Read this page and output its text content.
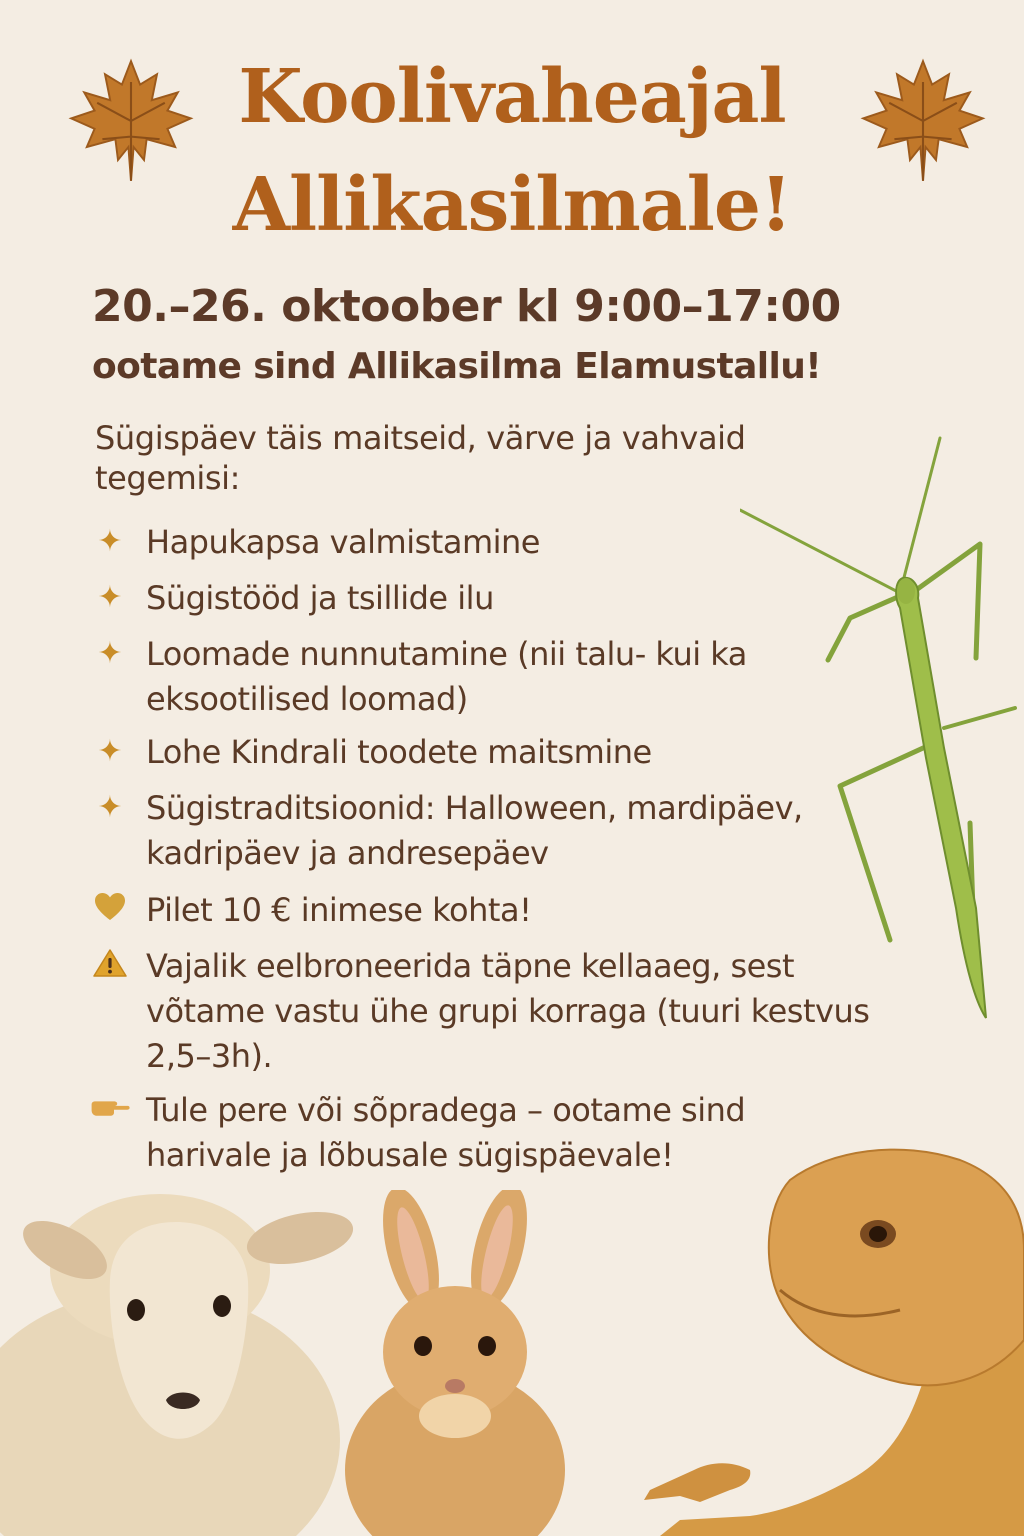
Koolivaheajal
Allikasilmale!
20.–26. oktoober kl 9:00–17:00
ootame sind Allikasilma Elamustallu!
Sügispäev täis maitseid, värve ja vahvaid tegemisi:
✦ Hapukapsa valmistamine
✦ Sügistööd ja tsillide ilu
✦ Loomade nunnutamine (nii talu- kui ka eksootilised loomad)
✦ Lohe Kindrali toodete maitsmine
✦ Sügistraditsioonid: Halloween, mardipäev, kadripäev ja andresepäev
Pilet 10 € inimese kohta!
Vajalik eelbroneerida täpne kellaaeg, sest võtame vastu ühe grupi korraga (tuuri kestvus 2,5–3h).
Tule pere või sõpradega – ootame sind harivale ja lõbusale sügispäevale!
